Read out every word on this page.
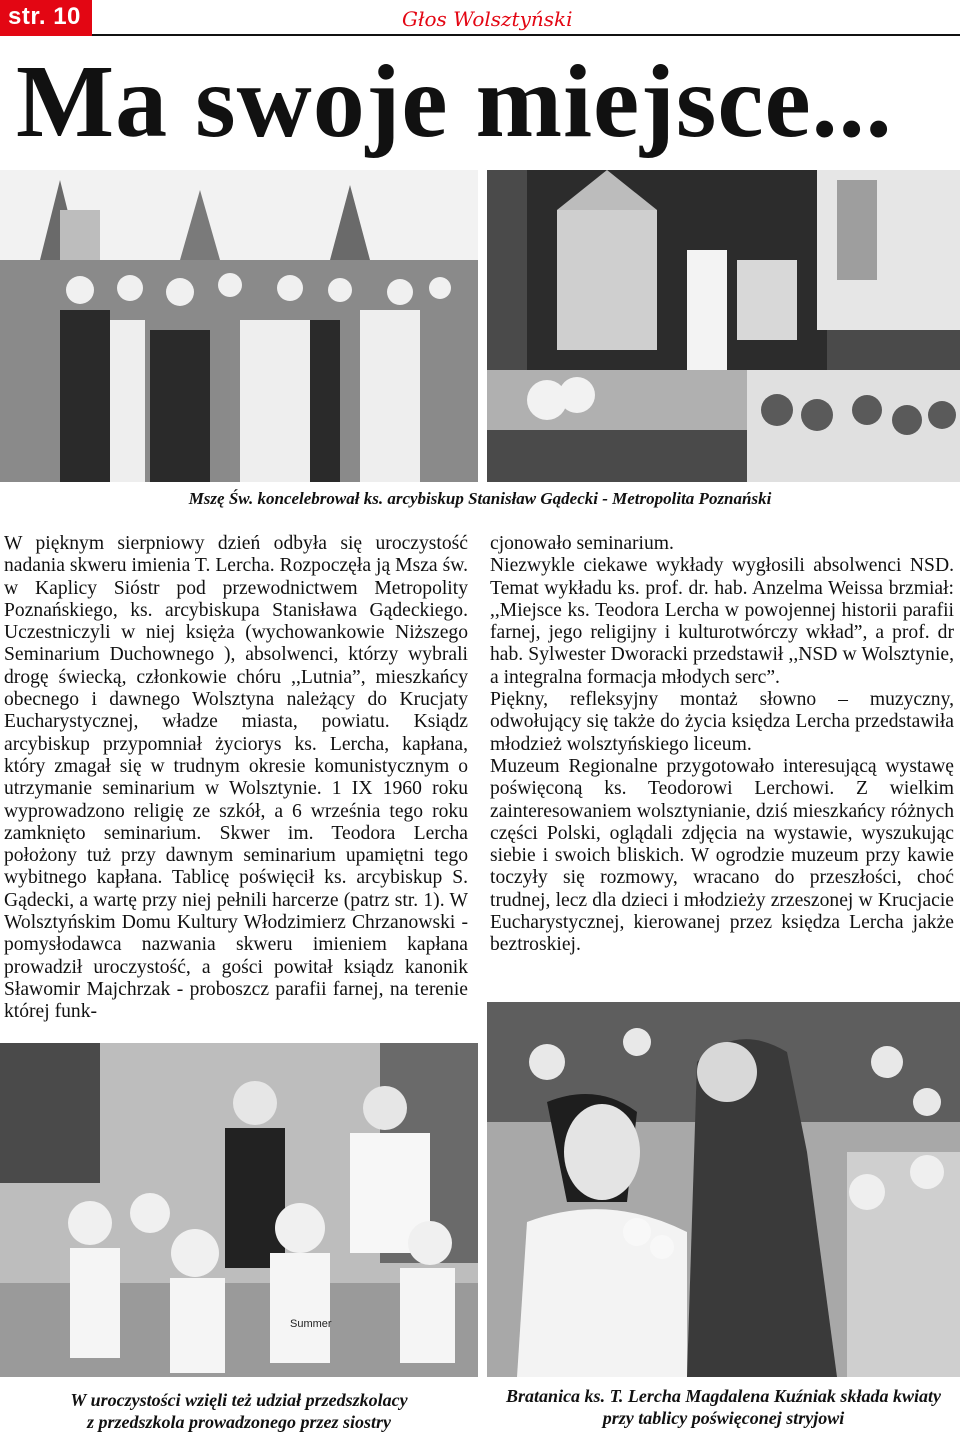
str. 10	Głos Wolsztyński
Ma swoje miejsce...

Mszę Św. koncelebrował ks. arcybiskup Stanisław Gądecki - Metropolita Poznański

W pięknym sierpniowy dzień odbyła się uroczystość nadania skweru imienia T. Lercha. Rozpoczęła ją Msza św. w Kaplicy Sióstr pod przewodnictwem Metropolity Poznańskiego, ks. arcybiskupa Stanisława Gądeckiego. Uczestniczyli w niej księża (wychowankowie Niższego Seminarium Duchownego ), absolwenci, którzy wybrali drogę świecką, członkowie chóru ,,Lutnia”, mieszkańcy obecnego i dawnego Wolsztyna należący do Krucjaty Eucharystycznej, władze miasta, powiatu. Ksiądz arcybiskup przypomniał życiorys ks. Lercha, kapłana, który zmagał się w trudnym okresie komunistycznym o utrzymanie seminarium w Wolsztynie. 1 IX 1960 roku wyprowadzono religię ze szkół, a 6 września tego roku zamknięto seminarium. Skwer im. Teodora Lercha położony tuż przy dawnym seminarium upamiętni tego wybitnego kapłana. Tablicę poświęcił ks. arcybiskup S. Gądecki, a wartę przy niej pełnili harcerze (patrz str. 1). W Wolsztyńskim Domu Kultury Włodzimierz Chrzanowski - pomysłodawca nazwania skweru imieniem kapłana prowadził uroczystość, a gości powitał ksiądz kanonik Sławomir Majchrzak - proboszcz parafii farnej, na terenie której funk-

cjonowało seminarium.

Niezwykle ciekawe wykłady wygłosili absolwenci NSD. Temat wykładu ks. prof. dr. hab. Anzelma Weissa brzmiał: ,,Miejsce ks. Teodora Lercha w powojennej historii parafii farnej, jego religijny i kulturotwórczy wkład”, a prof. dr hab. Sylwester Dworacki przedstawił ,,NSD w Wolsztynie, a integralna formacja młodych serc”.

Piękny, refleksyjny montaż słowno – muzyczny, odwołujący się także do życia księdza Lercha przedstawiła młodzież wolsztyńskiego liceum.

Muzeum Regionalne przygotowało interesującą wystawę poświęconą ks. Teodorowi Lerchowi. Z wielkim zainteresowaniem wolsztynianie, dziś mieszkańcy różnych części Polski, oglądali zdjęcia na wystawie, wyszukując siebie i swoich bliskich. W ogrodzie muzeum przy kawie toczyły się rozmowy, wracano do przeszłości, choć trudnej, lecz dla dzieci i młodzieży zrzeszonej w Krucjacie Eucharystycznej, kierowanej przez księdza Lercha jakże beztroskiej.

Summer

W uroczystości wzięli też udział przedszkolacy
z przedszkola prowadzonego przez siostry

Bratanica ks. T. Lercha Magdalena Kuźniak składa kwiaty
przy tablicy poświęconej stryjowi
